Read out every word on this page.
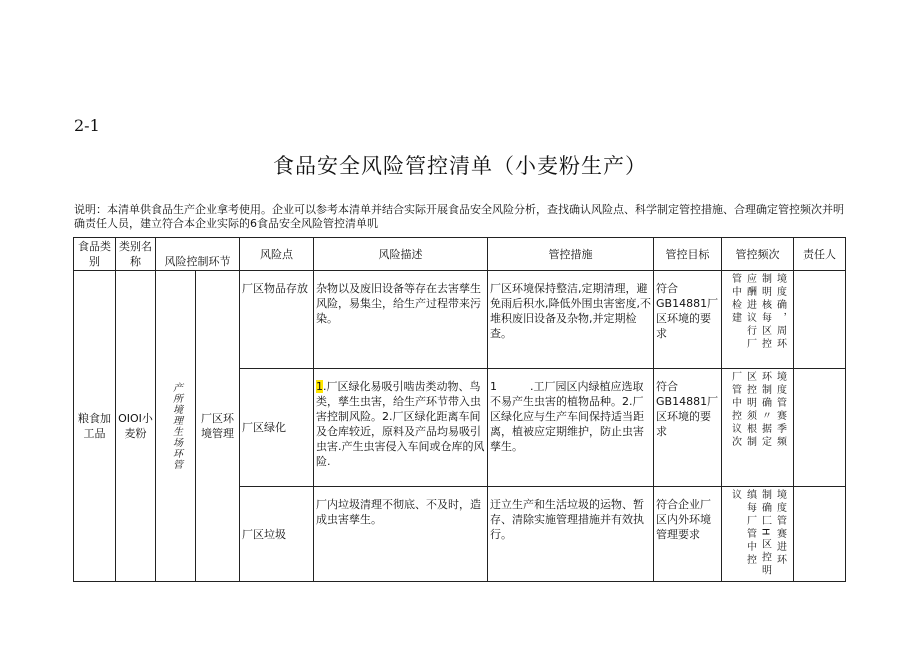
2-1
食品安全风险管控清单（小麦粉生产）
说明：本清单供食品生产企业拿考使用。企业可以参考本清单并结合实际开展食品安全风险分析，查找确认风险点、科学制定管控措施、合理确定管控频次并明确责任人员，建立符合本企业实际的6食品安全风险管控清单叽
食品类别	类别名称	风险控制环节		风险点	风险描述	管控措施	管控目标	管控频次	责任人
粮食加工品	OIOI小麦粉	产所境理生场环管	厂区环境管理	厂区物品存放	杂物以及废旧设备等存在去害孳生风险，易集尘，给生产过程带来污染。	厂区环境保持整洁,定期清理，避免雨后积水,降低外围虫害密度,不堆积废旧设备及杂物,并定期检查。	符合GB14881厂区环境的要求	境度确，周环制明核每区控应酬进议行厂管中检建	

				厂区绿化	1.厂区绿化易吸引啮齿类动物、鸟类，孳生虫害，给生产环节带入虫害控制风险。2.厂区绿化距离车间及仓库较近，原料及产品均易吸引虫害.产生虫害侵入车间或仓库的风险.	1　　　.工厂园区内绿植应选取不易产生虫害的植物品种。2.厂区绿化应与生产车间保持适当距离，植被应定期维护，防止虫害孳生。	符合GB14881厂区环境的要求	境度管赛季频环制确〃据定区控明须根制厂管中控议次	

				厂区垃圾	厂内垃圾清理不彻底、不及时，造成虫害孳生。	迂立生产和生活垃圾的运物、暂存、清除实施管理措施并有效执行。	符合企业厂区内外环境管理要求	境度管赛进环制确匚H区控明缜每厂管中控议	
